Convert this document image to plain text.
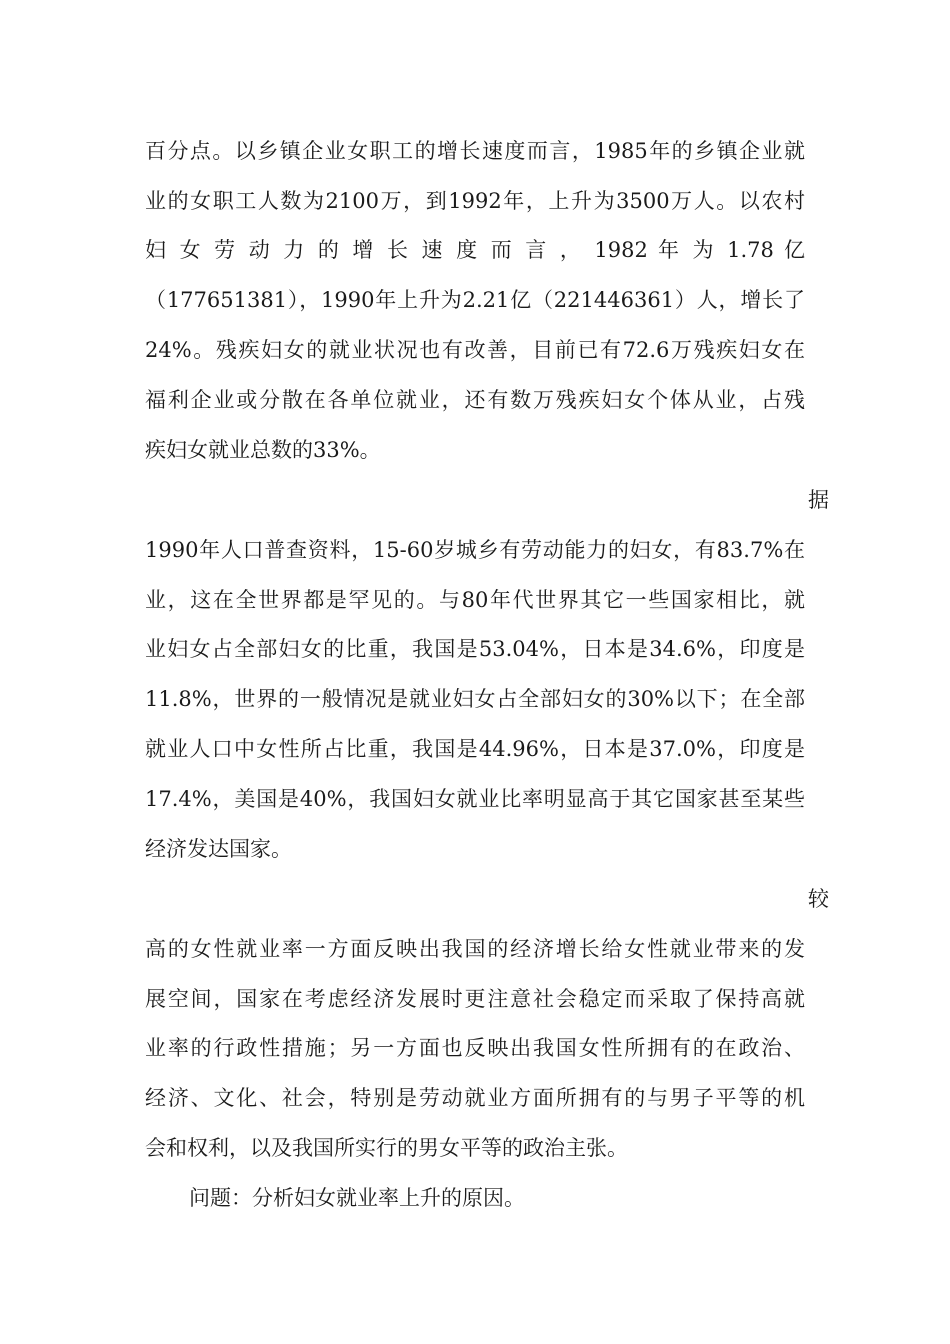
百分点。以乡镇企业女职工的增长速度而言，1985年的乡镇企业就
业的女职工人数为2100万，到1992年，上升为3500万人。以农村
妇 女 劳 动 力 的 增 长 速 度 而 言 ， 1982 年 为 1.78 亿
（177651381），1990年上升为2.21亿（221446361）人，增长了
24%。残疾妇女的就业状况也有改善，目前已有72.6万残疾妇女在
福利企业或分散在各单位就业，还有数万残疾妇女个体从业，占残
疾妇女就业总数的33%。
据
1990年人口普查资料，15-60岁城乡有劳动能力的妇女，有83.7%在
业，这在全世界都是罕见的。与80年代世界其它一些国家相比，就
业妇女占全部妇女的比重，我国是53.04%，日本是34.6%，印度是
11.8%，世界的一般情况是就业妇女占全部妇女的30%以下；在全部
就业人口中女性所占比重，我国是44.96%，日本是37.0%，印度是
17.4%，美国是40%，我国妇女就业比率明显高于其它国家甚至某些
经济发达国家。
较
高的女性就业率一方面反映出我国的经济增长给女性就业带来的发
展空间，国家在考虑经济发展时更注意社会稳定而采取了保持高就
业率的行政性措施；另一方面也反映出我国女性所拥有的在政治、
经济、文化、社会，特别是劳动就业方面所拥有的与男子平等的机
会和权利，以及我国所实行的男女平等的政治主张。
问题：分析妇女就业率上升的原因。
